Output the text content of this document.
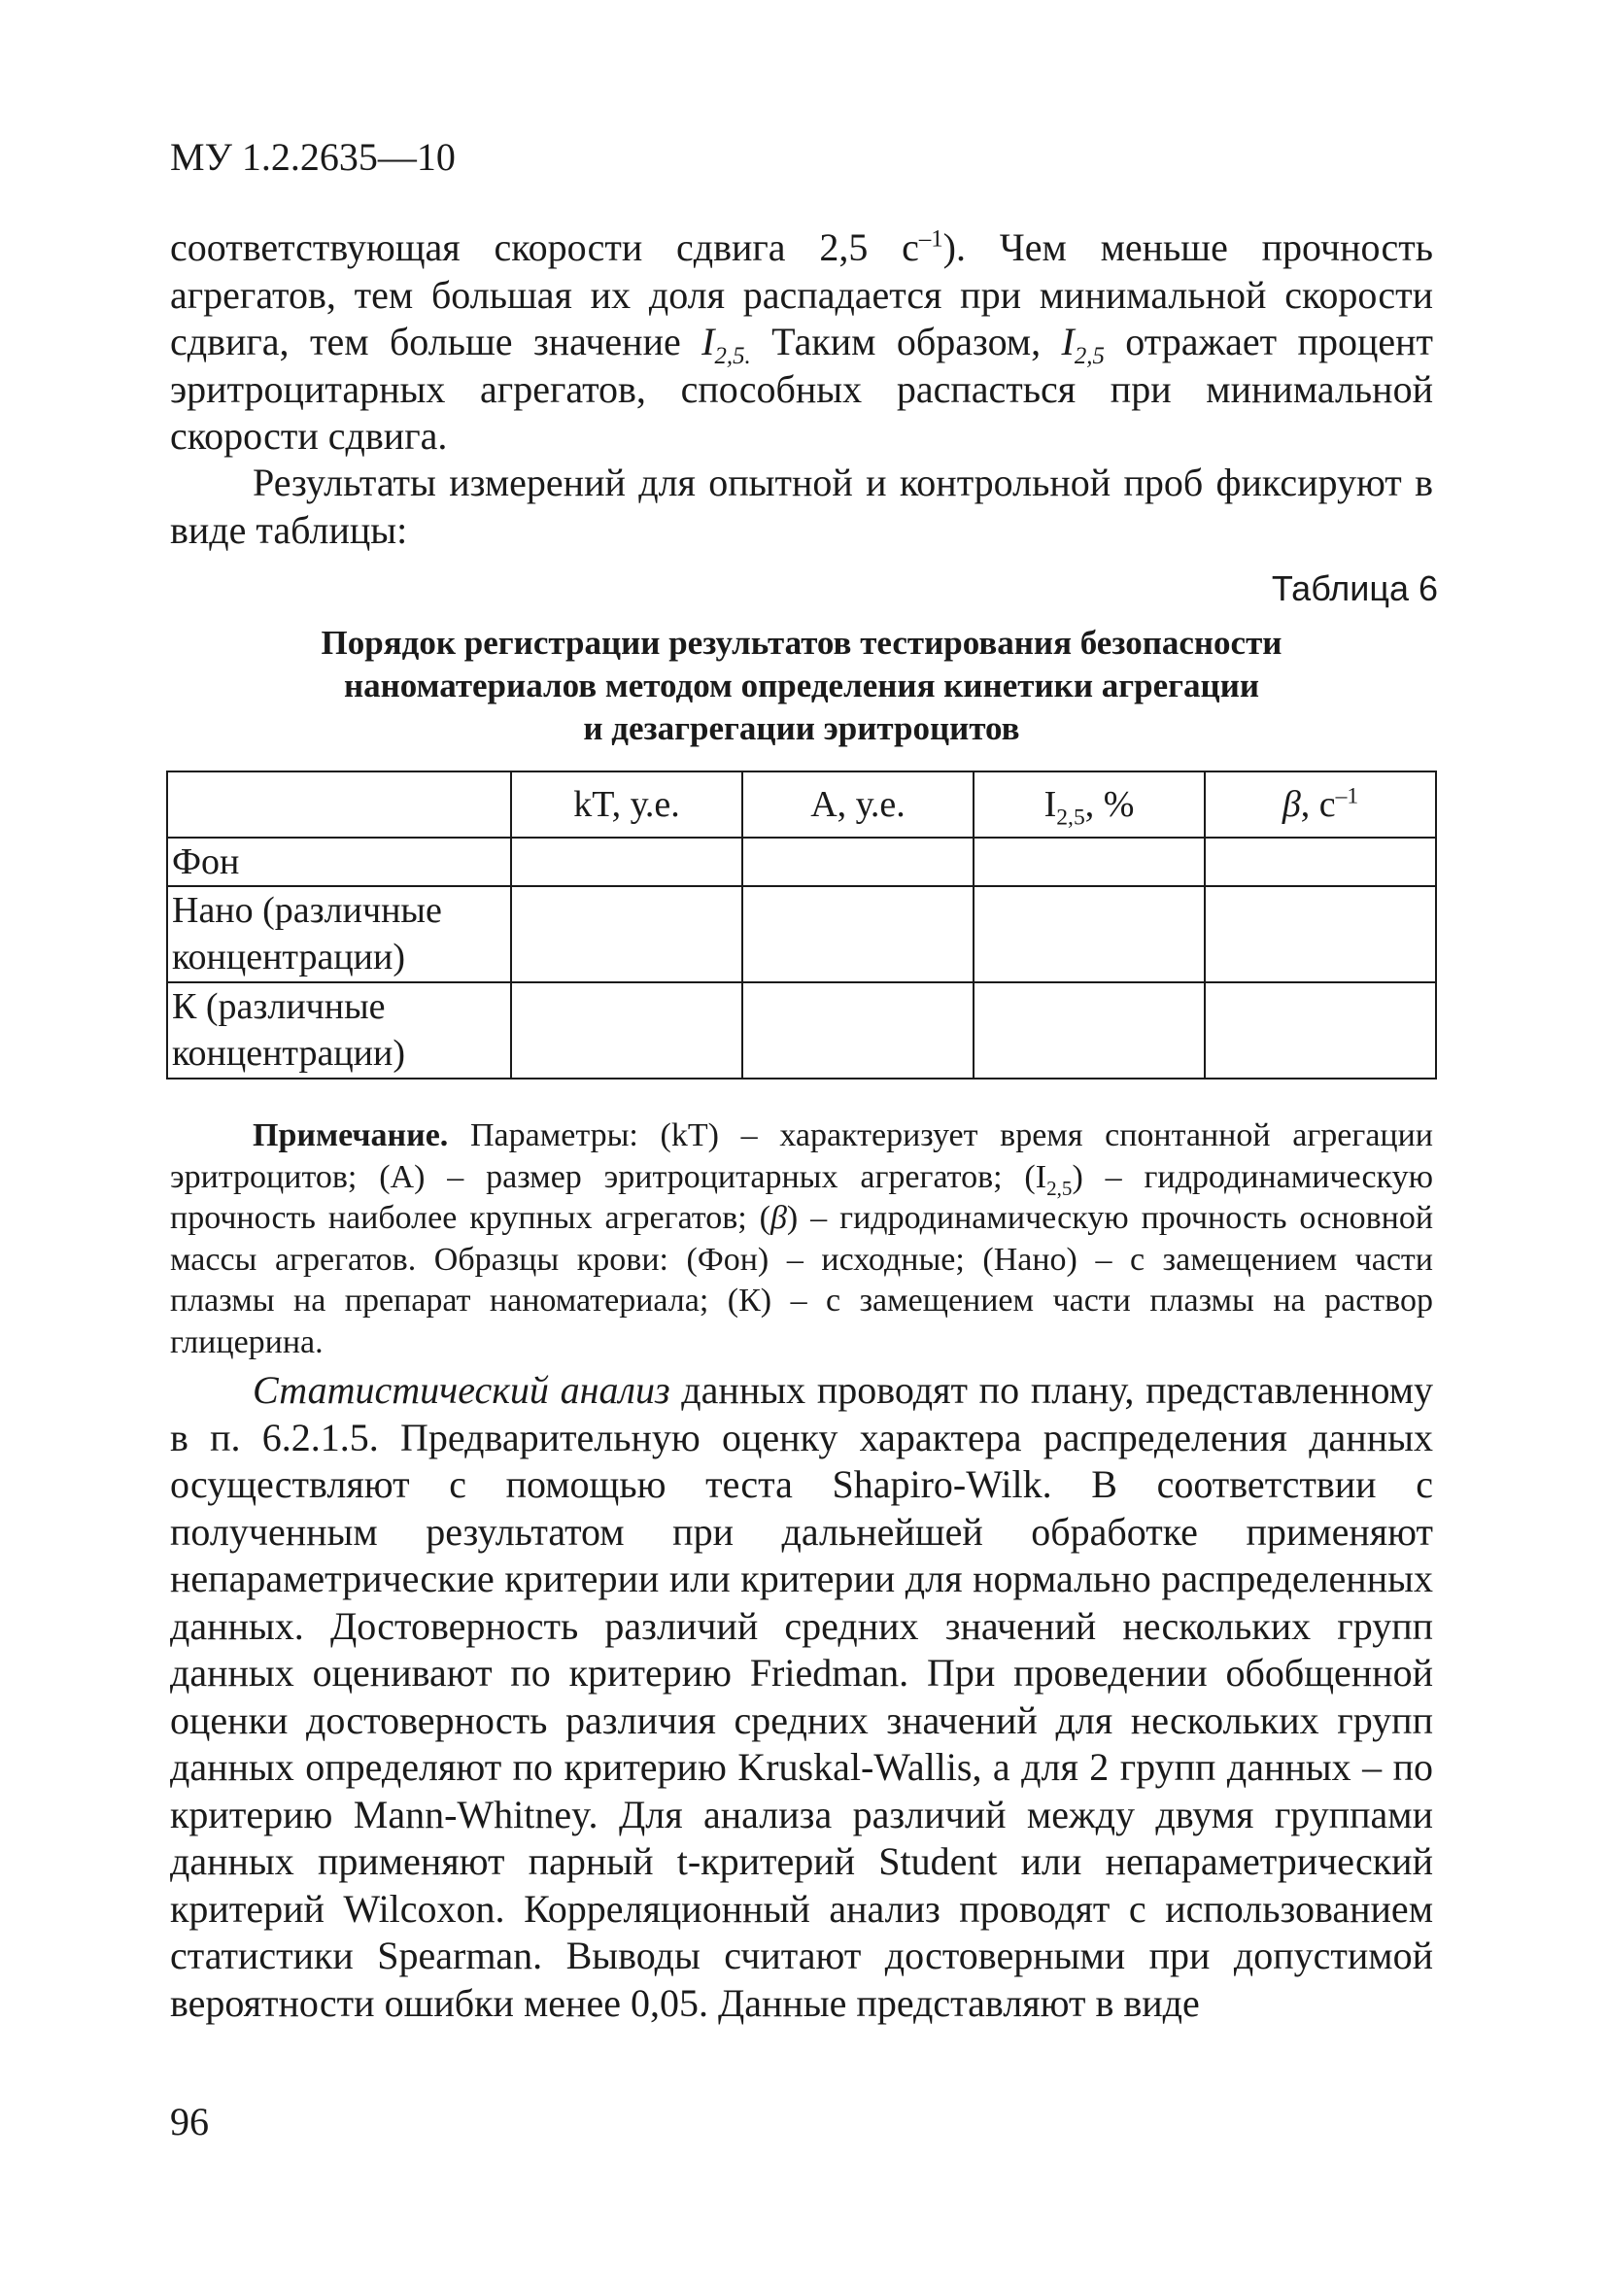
МУ 1.2.2635—10
соответствующая скорости сдвига 2,5 $с^{-1}$). Чем меньше прочность агрегатов, тем большая их доля распадается при минимальной скорости сдвига, тем больше значение $I_{2,5.}$ Таким образом, $I_{2,5}$ отражает процент эритроцитарных агрегатов, способных распасться при минимальной скорости сдвига.
Результаты измерений для опытной и контрольной проб фиксируют в виде таблицы:
Таблица 6
Порядок регистрации результатов тестирования безопасности
наноматериалов методом определения кинетики агрегации
и дезагрегации эритроцитов
	kT, у.е.	A, у.е.	$I_{2,5}$, %	β, $с^{-1}$
Фон				
Нано (различные концентрации)				
К (различные концентрации)				
Примечание. Параметры: (kT) – характеризует время спонтанной агрегации эритроцитов; (A) – размер эритроцитарных агрегатов; $(I_{2,5})$ – гидродинамическую прочность наиболее крупных агрегатов; (β) – гидродинамическую прочность основной массы агрегатов. Образцы крови: (Фон) – исходные; (Нано) – с замещением части плазмы на препарат наноматериала; (К) – с замещением части плазмы на раствор глицерина.
Статистический анализ данных проводят по плану, представленному в п. 6.2.1.5. Предварительную оценку характера распределения данных осуществляют с помощью теста Shapiro-Wilk. В соответствии с полученным результатом при дальнейшей обработке применяют непараметрические критерии или критерии для нормально распределенных данных. Достоверность различий средних значений нескольких групп данных оценивают по критерию Friedman. При проведении обобщенной оценки достоверность различия средних значений для нескольких групп данных определяют по критерию Kruskal-Wallis, а для 2 групп данных – по критерию Mann-Whitney. Для анализа различий между двумя группами данных применяют парный t-критерий Student или непараметрический критерий Wilcoxon. Корреляционный анализ проводят с использованием статистики Spearman. Выводы считают достоверными при допустимой вероятности ошибки менее 0,05. Данные представляют в виде
96
